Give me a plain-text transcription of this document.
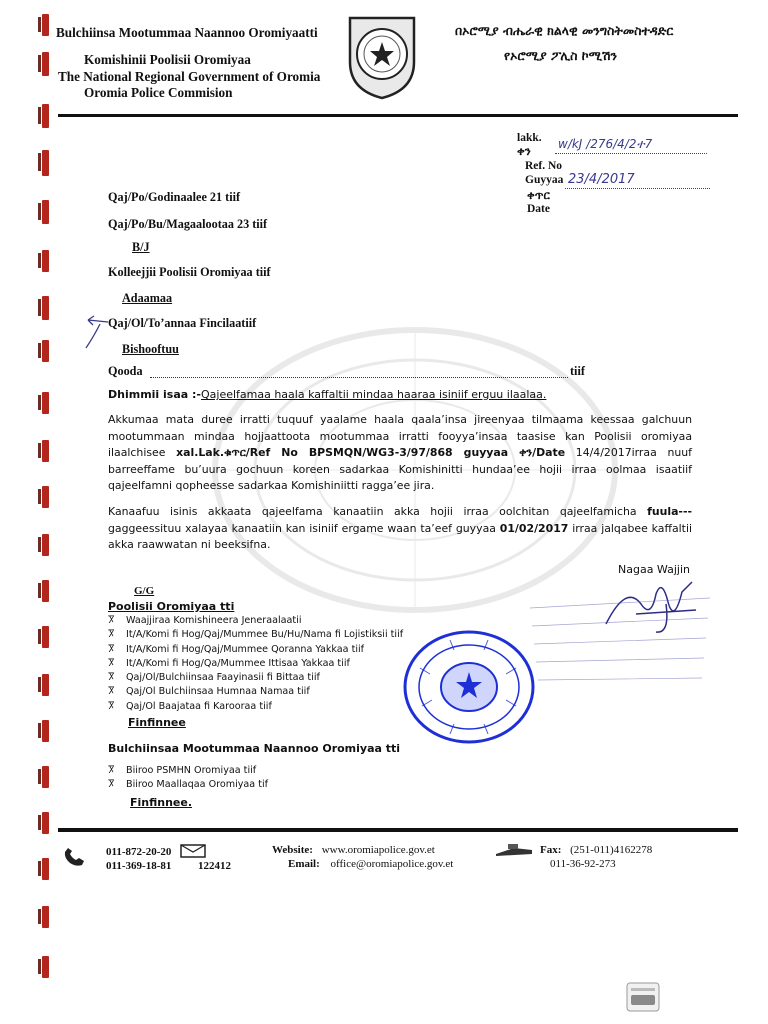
Bulchiinsa Mootummaa Naannoo Oromiyaatti
Komishinii Poolisii Oromiyaa
The National Regional Government of Oromia
Oromia Police Commision
በኦሮሚያ ብሔራዊ ክልላዊ መንግስትመስተዳድር
የኦሮሚያ ፖሊስ ኮሚሽን
lakk.
ቀን w/kJ /276/4/2ተ7
Ref. No
Guyyaa 23/4/2017
ቀጥር
Date
Qaj/Po/Godinaalee 21 tiif
Qaj/Po/Bu/Magaalootaa 23 tiif
B/J
Kolleejjii Poolisii Oromiyaa tiif
Adaamaa
Qaj/Ol/To’annaa Fincilaatiif
Bishooftuu
Qooda	tiif
Dhimmii isaa :-Qajeelfamaa haala kaffaltii mindaa haaraa isiniif erguu ilaalaa.
Akkumaa mata duree irratti tuquuf yaalame haala qaala’insa jireenyaa tilmaama keessaa galchuun mootummaan mindaa hojjaattoota mootummaa irratti fooyya’insaa taasise kan Poolisii oromiyaa ilaalchisee xal.Lak.ቁጥር/Ref No BPSMQN/WG3-3/97/868 guyyaa ቀን/Date 14/4/2017irraa nuuf barreeffame bu’uura gochuun koreen sadarkaa Komishinitti hundaa’ee hojii irraa oolmaa isaatiif qajeelfamni qopheesse sadarkaa Komishiniitti ragga’ee jira.
Kanaafuu isinis akkaata qajeelfama kanaatiin akka hojii irraa oolchitan qajeelfamicha fuula---gaggeessituu xalayaa kanaatiin kan isiniif ergame waan ta’eef guyyaa 01/02/2017 irraa jalqabee kaffaltii akka raawwatan ni beeksifna.
Nagaa Wajjin
G/G
Poolisii Oromiyaa tti
Ⴟ Waajjiraa Komishineera Jeneraalaatii
Ⴟ It/A/Komi fi Hog/Qaj/Mummee Bu/Hu/Nama fi Lojistiksii tiif
Ⴟ It/A/Komi fi Hog/Qaj/Mummee Qoranna Yakkaa tiif
Ⴟ It/A/Komi fi Hog/Qa/Mummee Ittisaa Yakkaa tiif
Ⴟ Qaj/Ol/Bulchiinsaa Faayinasii fi Bittaa tiif
Ⴟ Qaj/Ol Bulchiinsaa Humnaa Namaa tiif
Ⴟ Qaj/Ol Baajataa fi Karooraa tiif
Finfinnee
Bulchiinsaa Mootummaa Naannoo Oromiyaa tti
Ⴟ Biiroo PSMHN Oromiyaa tiif
Ⴟ Biiroo Maallaqaa Oromiyaa tif
Finfinnee.
011-872-20-20
011-369-18-81 122412
Website: www.oromiapolice.gov.et
Email: office@oromiapolice.gov.et
Fax: (251-011)4162278
011-36-92-273
